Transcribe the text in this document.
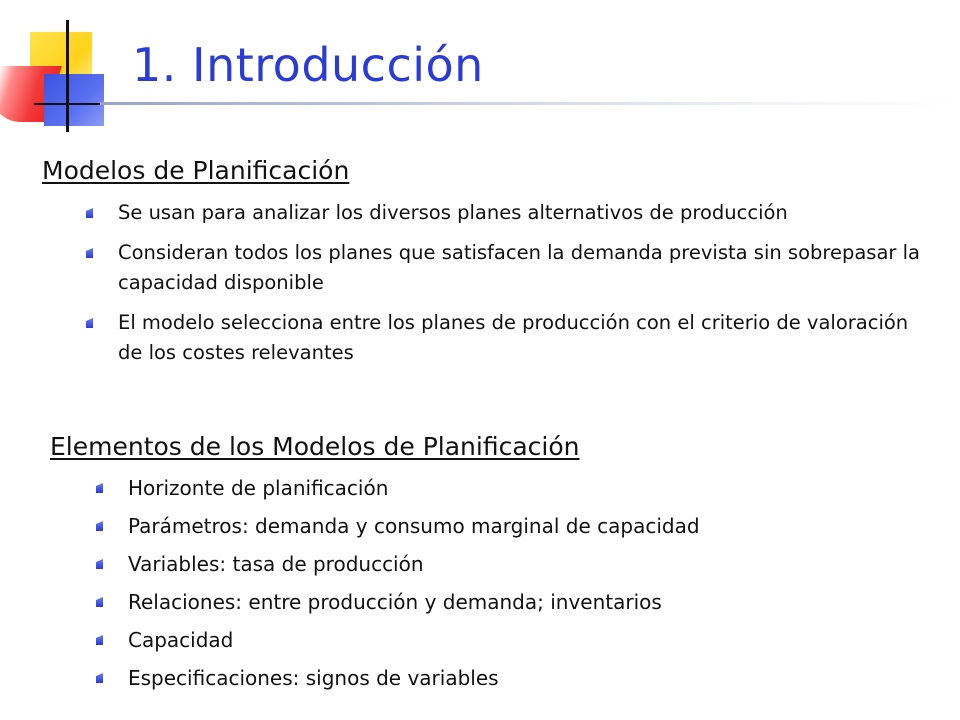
1. Introducción
Modelos de Planificación
Se usan para analizar los diversos planes alternativos de producción
Consideran todos los planes que satisfacen la demanda prevista sin sobrepasar la capacidad disponible
El modelo selecciona entre los planes de producción con el criterio de valoración de los costes relevantes
Elementos de los Modelos de Planificación
Horizonte de planificación
Parámetros: demanda y consumo marginal de capacidad
Variables: tasa de producción
Relaciones: entre producción y demanda; inventarios
Capacidad
Especificaciones: signos de variables
